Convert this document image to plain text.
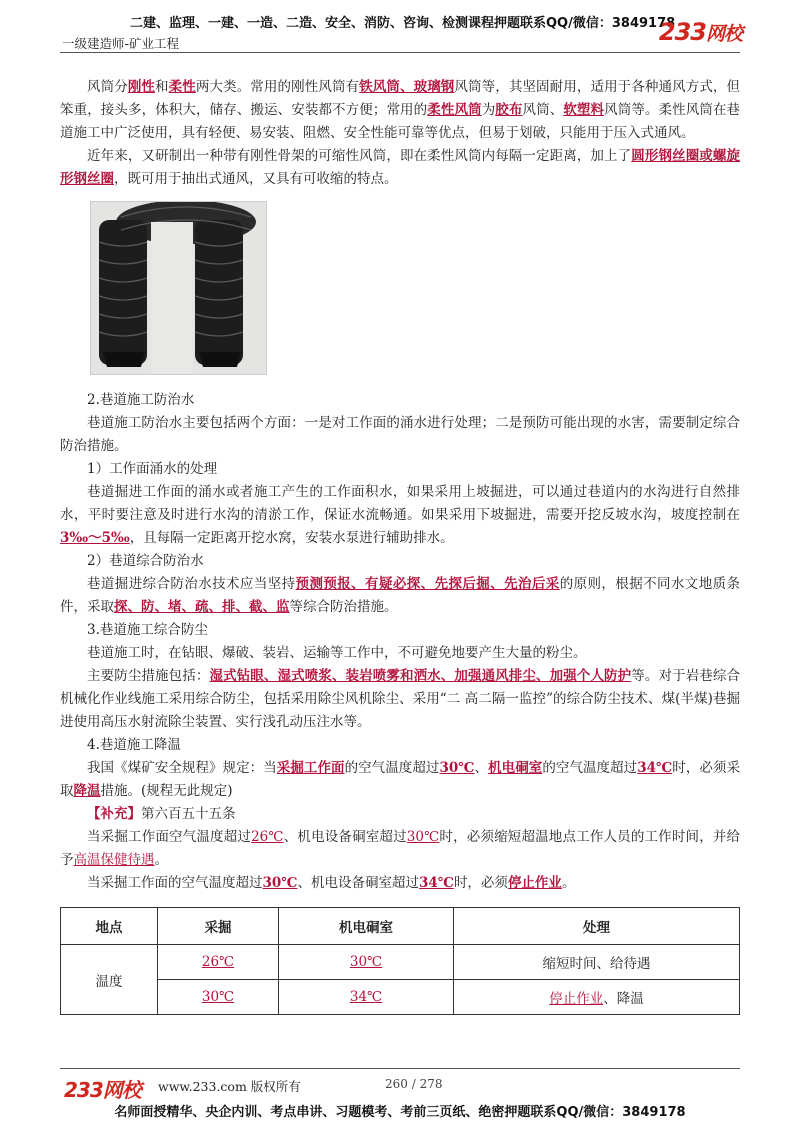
二建、监理、一建、一造、二造、安全、消防、咨询、检测课程押题联系QQ/微信：3849178
一级建造师-矿业工程	233网校

风筒分刚性和柔性两大类。常用的刚性风筒有铁风筒、玻璃钢风筒等，其坚固耐用，适用于各种通风方式，但笨重，接头多，体积大，储存、搬运、安装都不方便；常用的柔性风筒为胶布风筒、软塑料风筒等。柔性风筒在巷道施工中广泛使用，具有轻便、易安装、阻燃、安全性能可靠等优点，但易于划破，只能用于压入式通风。

近年来，又研制出一种带有刚性骨架的可缩性风筒，即在柔性风筒内每隔一定距离，加上了圆形钢丝圈或螺旋形钢丝圈，既可用于抽出式通风，又具有可收缩的特点。

2.巷道施工防治水

巷道施工防治水主要包括两个方面：一是对工作面的涌水进行处理；二是预防可能出现的水害，需要制定综合防治措施。

1）工作面涌水的处理

巷道掘进工作面的涌水或者施工产生的工作面积水，如果采用上坡掘进，可以通过巷道内的水沟进行自然排水，平时要注意及时进行水沟的清淤工作，保证水流畅通。如果采用下坡掘进，需要开挖反坡水沟，坡度控制在3‰～5‰，且每隔一定距离开挖水窝，安装水泵进行辅助排水。

2）巷道综合防治水

巷道掘进综合防治水技术应当坚持预测预报、有疑必探、先探后掘、先治后采的原则，根据不同水文地质条件，采取探、防、堵、疏、排、截、监等综合防治措施。

3.巷道施工综合防尘

巷道施工时，在钻眼、爆破、装岩、运输等工作中，不可避免地要产生大量的粉尘。

主要防尘措施包括：湿式钻眼、湿式喷浆、装岩喷雾和洒水、加强通风排尘、加强个人防护等。对于岩巷综合机械化作业线施工采用综合防尘，包括采用除尘风机除尘、采用“二 高二隔一监控”的综合防尘技术、煤(半煤)巷掘进使用高压水射流除尘装置、实行浅孔动压注水等。

4.巷道施工降温

我国《煤矿安全规程》规定：当采掘工作面的空气温度超过30℃、机电硐室的空气温度超过34℃时，必须采取降温措施。(规程无此规定)

【补充】第六百五十五条

当采掘工作面空气温度超过26℃、机电设备硐室超过30℃时，必须缩短超温地点工作人员的工作时间，并给予高温保健待遇。

当采掘工作面的空气温度超过30℃、机电设备硐室超过34℃时，必须停止作业。

地点	采掘	机电硐室	处理
温度	26℃	30℃	缩短时间、给待遇
	30℃	34℃	停止作业、降温
233网校 www.233.com 版权所有	260 / 278
名师面授精华、央企内训、考点串讲、习题模考、考前三页纸、绝密押题联系QQ/微信：3849178
